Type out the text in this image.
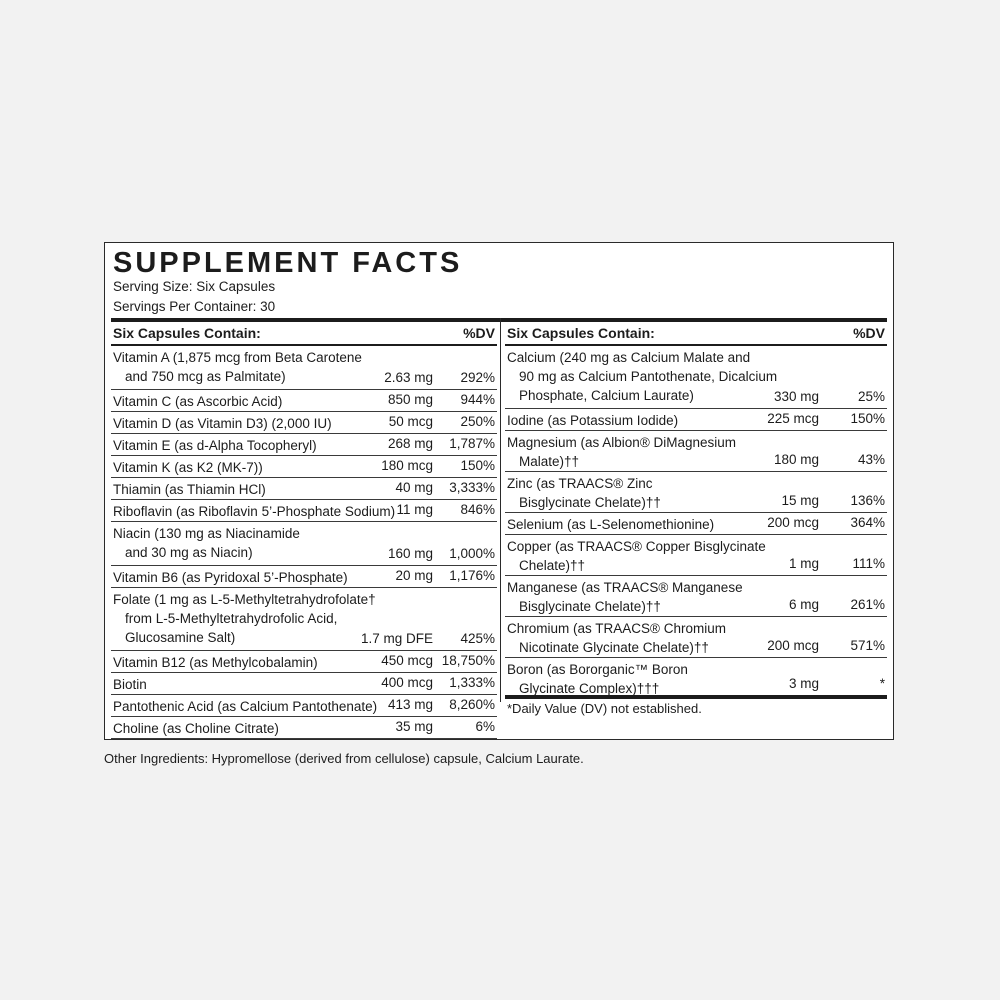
SUPPLEMENT FACTS
Serving Size: Six Capsules
Servings Per Container: 30
Six Capsules Contain:	%DV
Vitamin A (1,875 mcg from Beta Carotene
and 750 mcg as Palmitate)	2.63 mg 292%
Vitamin C (as Ascorbic Acid)	850 mg 944%
Vitamin D (as Vitamin D3) (2,000 IU)	50 mcg 250%
Vitamin E (as d-Alpha Tocopheryl)	268 mg 1,787%
Vitamin K (as K2 (MK-7))	180 mcg 150%
Thiamin (as Thiamin HCl)	40 mg 3,333%
Riboflavin (as Riboflavin 5’-Phosphate Sodium) 11 mg 846%
Niacin (130 mg as Niacinamide
and 30 mg as Niacin)	160 mg 1,000%
Vitamin B6 (as Pyridoxal 5’-Phosphate)	20 mg 1,176%
Folate (1 mg as L-5-Methyltetrahydrofolate†
from L-5-Methyltetrahydrofolic Acid,
Glucosamine Salt)	1.7 mg DFE 425%
Vitamin B12 (as Methylcobalamin)	450 mcg 18,750%
Biotin	400 mcg 1,333%
Pantothenic Acid (as Calcium Pantothenate) 413 mg 8,260%
Choline (as Choline Citrate)	35 mg	6%
Six Capsules Contain:	%DV
Calcium (240 mg as Calcium Malate and
90 mg as Calcium Pantothenate, Dicalcium
Phosphate, Calcium Laurate)	330 mg	25%
Iodine (as Potassium Iodide)	225 mcg 150%
Magnesium (as Albion® DiMagnesium
Malate)††	180 mg	43%
Zinc (as TRAACS® Zinc
Bisglycinate Chelate)††	15 mg 136%
Selenium (as L-Selenomethionine)	200 mcg 364%
Copper (as TRAACS® Copper Bisglycinate
Chelate)††	1 mg 111%
Manganese (as TRAACS® Manganese
Bisglycinate Chelate)††	6 mg 261%
Chromium (as TRAACS® Chromium
Nicotinate Glycinate Chelate)††	200 mcg 571%
Boron (as Bororganic™ Boron
Glycinate Complex)†††	3 mg	*
*Daily Value (DV) not established.
Other Ingredients: Hypromellose (derived from cellulose) capsule, Calcium Laurate.
